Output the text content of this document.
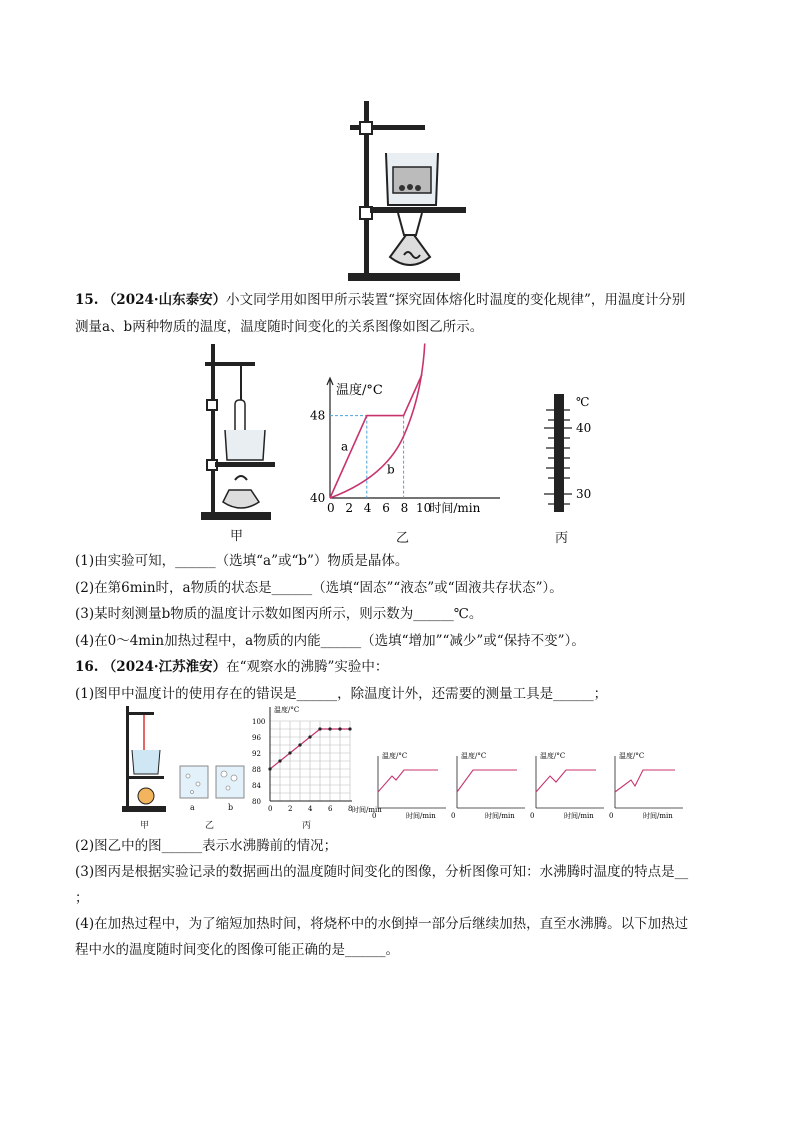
15. （2024·山东泰安）小文同学用如图甲所示装置“探究固体熔化时温度的变化规律”，用温度计分别
测量a、b两种物质的温度，温度随时间变化的关系图像如图乙所示。
甲
温度/°C
时间/min
0 2 4 6 8 10
40
48
a
b
乙
℃
40
30
丙
(1)由实验可知，______（选填“a”或“b”）物质是晶体。
(2)在第6min时，a物质的状态是______（选填“固态”“液态”或“固液共存状态”）。
(3)某时刻测量b物质的温度计示数如图丙所示，则示数为______℃。
(4)在0～4min加热过程中，a物质的内能______（选填“增加”“减少”或“保持不变”）。
16. （2024·江苏淮安）在“观察水的沸腾”实验中：
(1)图甲中温度计的使用存在的错误是______，除温度计外，还需要的测量工具是______；
甲
a	b
乙
温度/°C
时间/min
80
84
88
92
96
100
0 2 4 6 8
丙
温度/°C
时间/min
0
温度/°C
时间/min
0
温度/°C
时间/min
0
温度/°C
时间/min
0
(2)图乙中的图______表示水沸腾前的情况；
(3)图丙是根据实验记录的数据画出的温度随时间变化的图像，分析图像可知：水沸腾时温度的特点是__
；
(4)在加热过程中，为了缩短加热时间，将烧杯中的水倒掉一部分后继续加热，直至水沸腾。以下加热过
程中水的温度随时间变化的图像可能正确的是______。
